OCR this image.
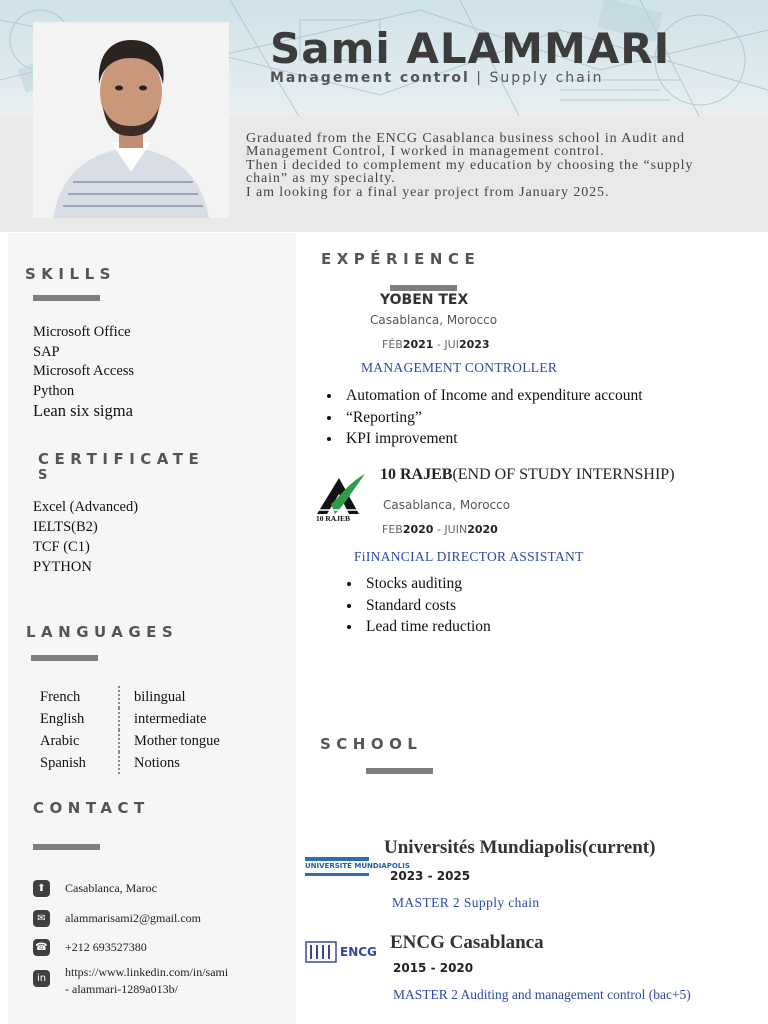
Sami ALAMMARI
Management control | Supply chain
Graduated from the ENCG Casablanca business school in Audit and
Management Control, I worked in management control.
Then i decided to complement my education by choosing the “supply
chain” as my specialty.
I am looking for a final year project from January 2025.
SKILLS
Microsoft Office
SAP
Microsoft Access
Python
Lean six sigma
CERTIFICATE
S
Excel (Advanced)
IELTS(B2)
TCF (C1)
PYTHON
LANGUAGES
French	bilingual
English	intermediate
Arabic	Mother tongue
Spanish	Notions
CONTACT
⬆	Casablanca, Maroc
✉	alammarisami2@gmail.com
☎ +212 693527380
in	https://www.linkedin.com/in/sami
- alammari-1289a013b/
EXPÉRIENCE
YOBEN TEX
Casablanca, Morocco
FÉB2021 - JUI2023
MANAGEMENT CONTROLLER
• Automation of Income and expenditure account
• “Reporting”
• KPI improvement
10 RAJEB
10 RAJEB(END OF STUDY INTERNSHIP)
Casablanca, Morocco
FEB2020 - JUIN2020
FiINANCIAL DIRECTOR ASSISTANT
• Stocks auditing
• Standard costs
• Lead time reduction
SCHOOL
UNIVERSITÉ MUNDIAPOLIS
Universités Mundiapolis(current)
2023 - 2025
MASTER 2 Supply chain
ENCG ENCG Casablanca
2015 - 2020
MASTER 2 Auditing and management control (bac+5)
